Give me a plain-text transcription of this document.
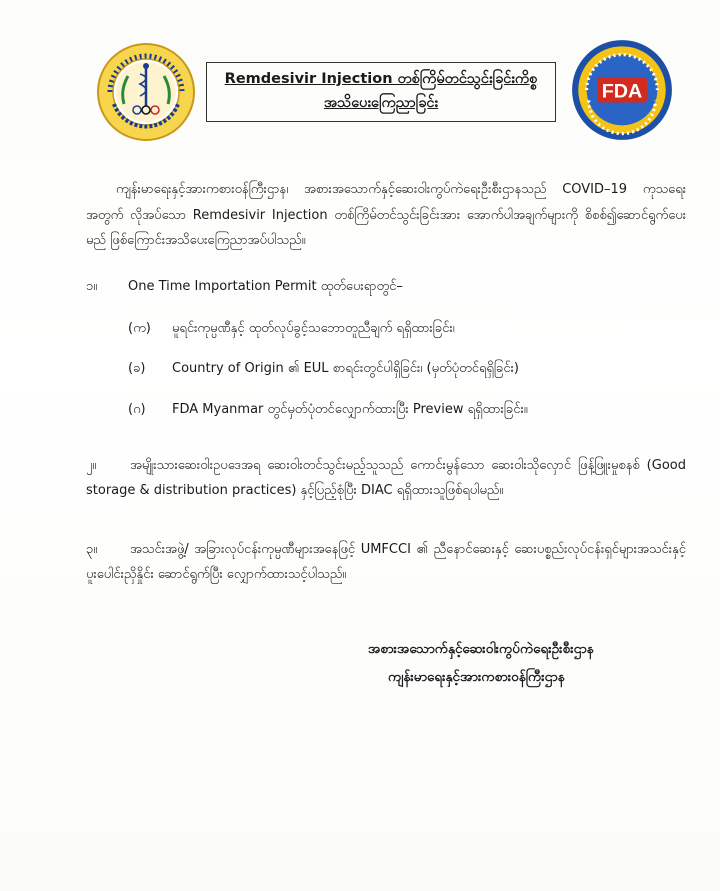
FDA
Remdesivir Injection တစ်ကြိမ်တင်သွင်းခြင်းကိစ္စ
အသိပေးကြေညာခြင်း
ကျန်းမာရေးနှင့်အားကစားဝန်ကြီးဌာန၊ အစားအသောက်နှင့်ဆေးဝါးကွပ်ကဲရေးဦးစီးဌာနသည် COVID–19 ကုသရေးအတွက် လိုအပ်သော Remdesivir Injection တစ်ကြိမ်တင်သွင်းခြင်းအား အောက်ပါအချက်များကို စိစစ်၍ဆောင်ရွက်ပေးမည် ဖြစ်ကြောင်းအသိပေးကြေညာအပ်ပါသည်။
၁။ One Time Importation Permit ထုတ်ပေးရာတွင်–
(က) မူရင်းကုမ္ပဏီနှင့် ထုတ်လုပ်ခွင့်သဘောတူညီချက် ရရှိထားခြင်း၊
(ခ) Country of Origin ၏ EUL စာရင်းတွင်ပါရှိခြင်း၊ (မှတ်ပုံတင်ရရှိခြင်း)
(ဂ) FDA Myanmar တွင်မှတ်ပုံတင်လျှောက်ထားပြီး Preview ရရှိထားခြင်း။
၂။	အမျိုးသားဆေးဝါးဥပဒေအရ ဆေးဝါးတင်သွင်းမည့်သူသည် ကောင်းမွန်သော ဆေးဝါးသိုလှောင် ဖြန့်ဖြူးမှုစနစ် (Good storage & distribution practices) နှင့်ပြည့်စုံပြီး DIAC ရရှိထားသူဖြစ်ရပါမည်။
၃။	အသင်းအဖွဲ့/ အခြားလုပ်ငန်းကုမ္ပဏီများအနေဖြင့် UMFCCI ၏ ညီနောင်ဆေးနှင့် ဆေးပစ္စည်းလုပ်ငန်းရှင်များအသင်းနှင့် ပူးပေါင်းညှိနှိုင်း ဆောင်ရွက်ပြီး လျှောက်ထားသင့်ပါသည်။
အစားအသောက်နှင့်ဆေးဝါးကွပ်ကဲရေးဦးစီးဌာန
ကျန်းမာရေးနှင့်အားကစားဝန်ကြီးဌာန
